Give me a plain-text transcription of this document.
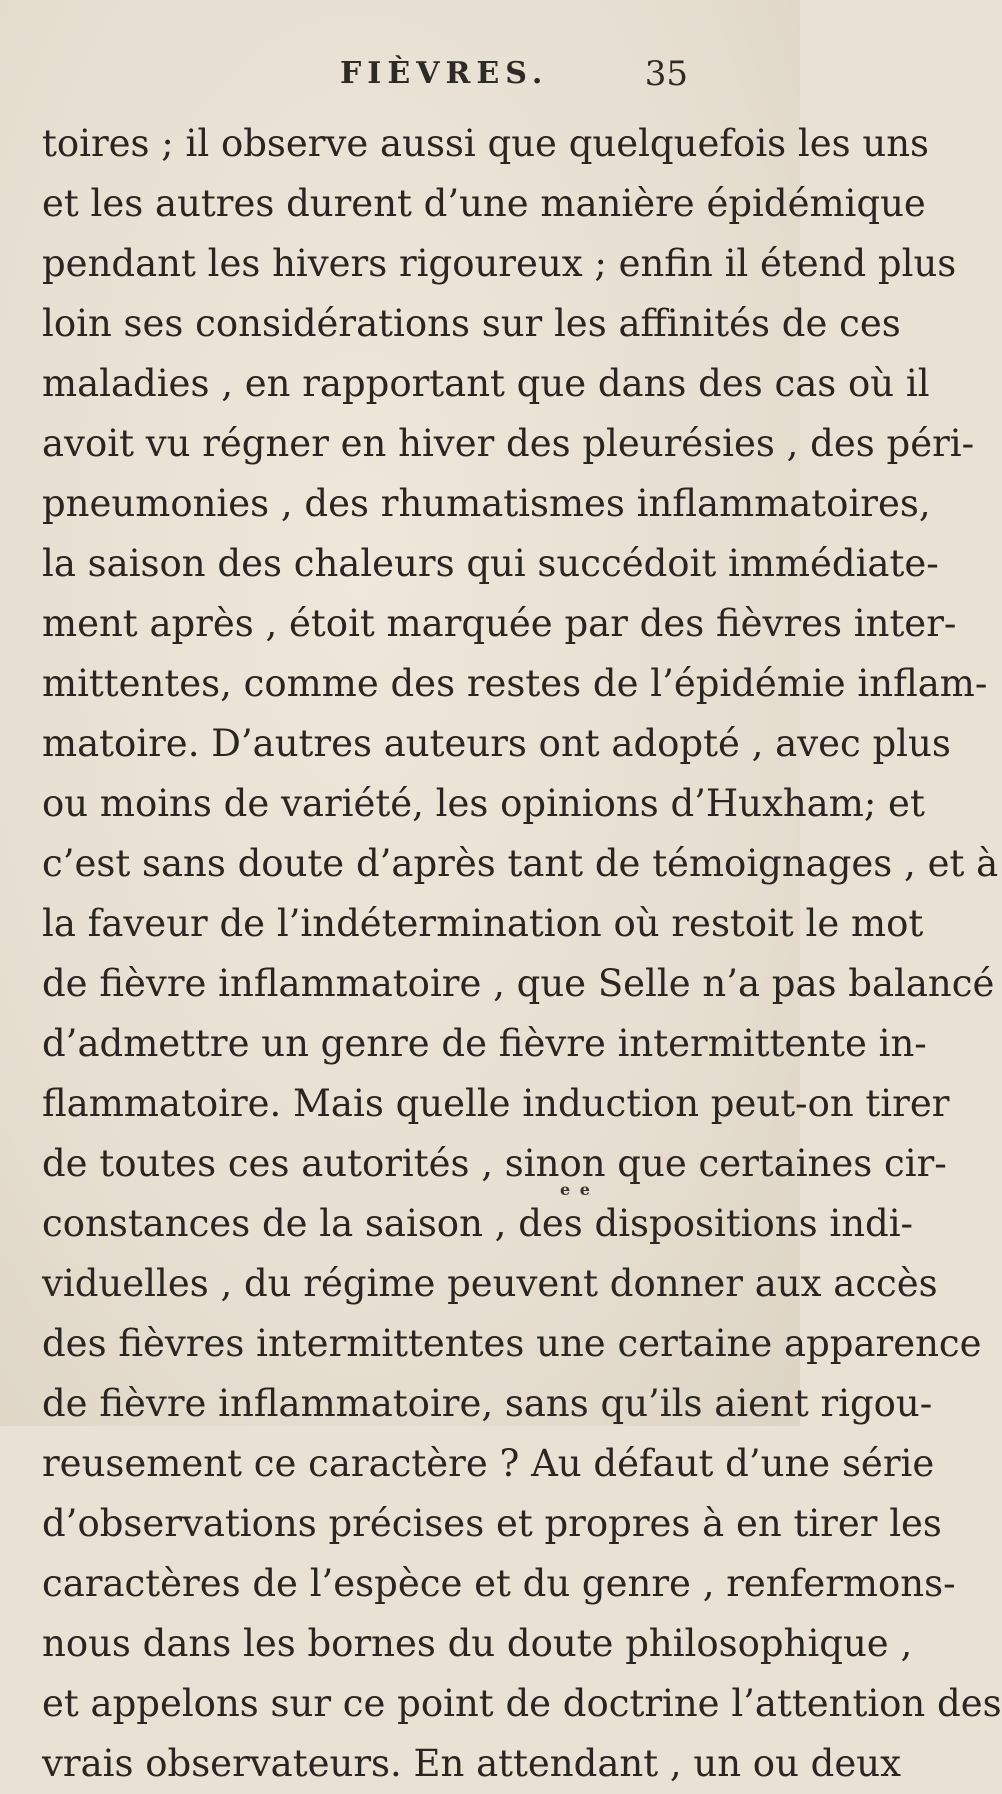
FIÈVRES.	35
toires ; il observe aussi que quelquefois les uns
et les autres durent d’une manière épidémique
pendant les hivers rigoureux ; enfin il étend plus
loin ses considérations sur les affinités de ces
maladies , en rapportant que dans des cas où il
avoit vu régner en hiver des pleurésies , des péri-
pneumonies , des rhumatismes inflammatoires,
la saison des chaleurs qui succédoit immédiate-
ment après , étoit marquée par des fièvres inter-
mittentes, comme des restes de l’épidémie inflam-
matoire. D’autres auteurs ont adopté , avec plus
ou moins de variété, les opinions d’Huxham; et
c’est sans doute d’après tant de témoignages , et à
la faveur de l’indétermination où restoit le mot
de fièvre inflammatoire , que Selle n’a pas balancé
d’admettre un genre de fièvre intermittente in-
flammatoire. Mais quelle induction peut-on tirer
de toutes ces autorités , sinon que certaines cir-
constances de la saison , des dispositions indi-
viduelles , du régime peuvent donner aux accès
des fièvres intermittentes une certaine apparence
de fièvre inflammatoire, sans qu’ils aient rigou-
reusement ce caractère ? Au défaut d’une série
d’observations précises et propres à en tirer les
caractères de l’espèce et du genre , renfermons-
nous dans les bornes du doute philosophique ,
et appelons sur ce point de doctrine l’attention des
vrais observateurs. En attendant , un ou deux
e e
